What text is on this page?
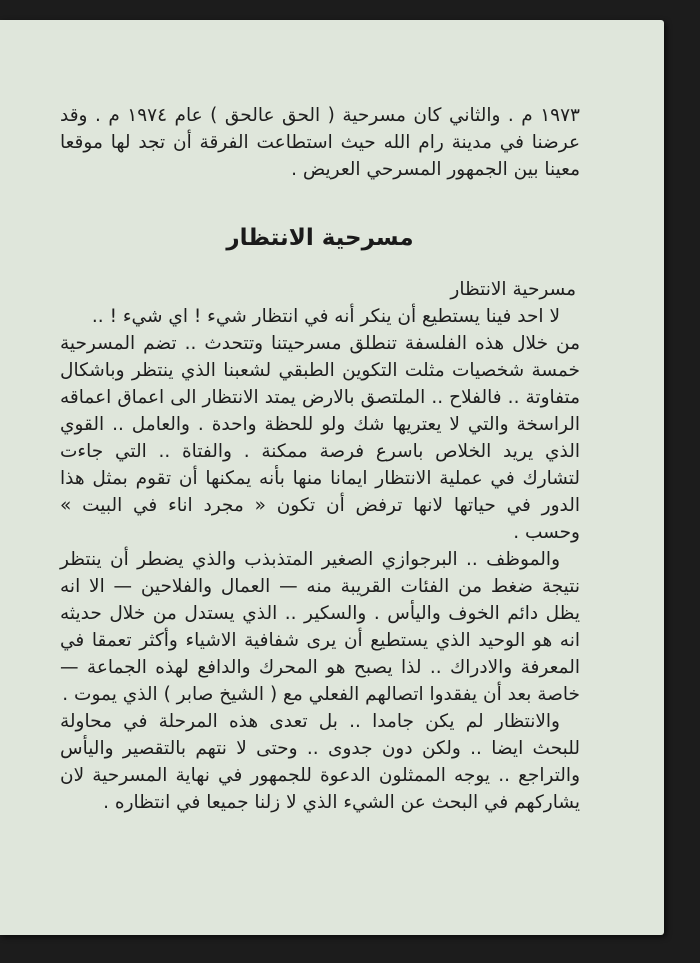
١٩٧٣ م . والثاني كان مسرحية ( الحق عالحق ) عام ١٩٧٤ م . وقد عرضنا في مدينة رام الله حيث استطاعت الفرقة أن تجد لها موقعا معينا بين الجمهور المسرحي العريض .

مسرحية الانتظار
مسرحية الانتظار

لا احد فينا يستطيع أن ينكر أنه في انتظار شيء ! اي شيء ! ..

من خلال هذه الفلسفة تنطلق مسرحيتنا وتتحدث .. تضم المسرحية خمسة شخصيات مثلت التكوين الطبقي لشعبنا الذي ينتظر وباشكال متفاوتة .. فالفلاح .. الملتصق بالارض يمتد الانتظار الى اعماق اعماقه الراسخة والتي لا يعتريها شك ولو للحظة واحدة . والعامل .. القوي الذي يريد الخلاص باسرع فرصة ممكنة . والفتاة .. التي جاءت لتشارك في عملية الانتظار ايمانا منها بأنه يمكنها أن تقوم بمثل هذا الدور في حياتها لانها ترفض أن تكون « مجرد اناء في البيت » وحسب .

والموظف .. البرجوازي الصغير المتذبذب والذي يضطر أن ينتظر نتيجة ضغط من الفئات القريبة منه — العمال والفلاحين — الا انه يظل دائم الخوف واليأس . والسكير .. الذي يستدل من خلال حديثه انه هو الوحيد الذي يستطيع أن يرى شفافية الاشياء وأكثر تعمقا في المعرفة والادراك .. لذا يصبح هو المحرك والدافع لهذه الجماعة — خاصة بعد أن يفقدوا اتصالهم الفعلي مع ( الشيخ صابر ) الذي يموت .

والانتظار لم يكن جامدا .. بل تعدى هذه المرحلة في محاولة للبحث ايضا .. ولكن دون جدوى .. وحتى لا نتهم بالتقصير واليأس والتراجع .. يوجه الممثلون الدعوة للجمهور في نهاية المسرحية لان يشاركهم في البحث عن الشيء الذي لا زلنا جميعا في انتظاره .
